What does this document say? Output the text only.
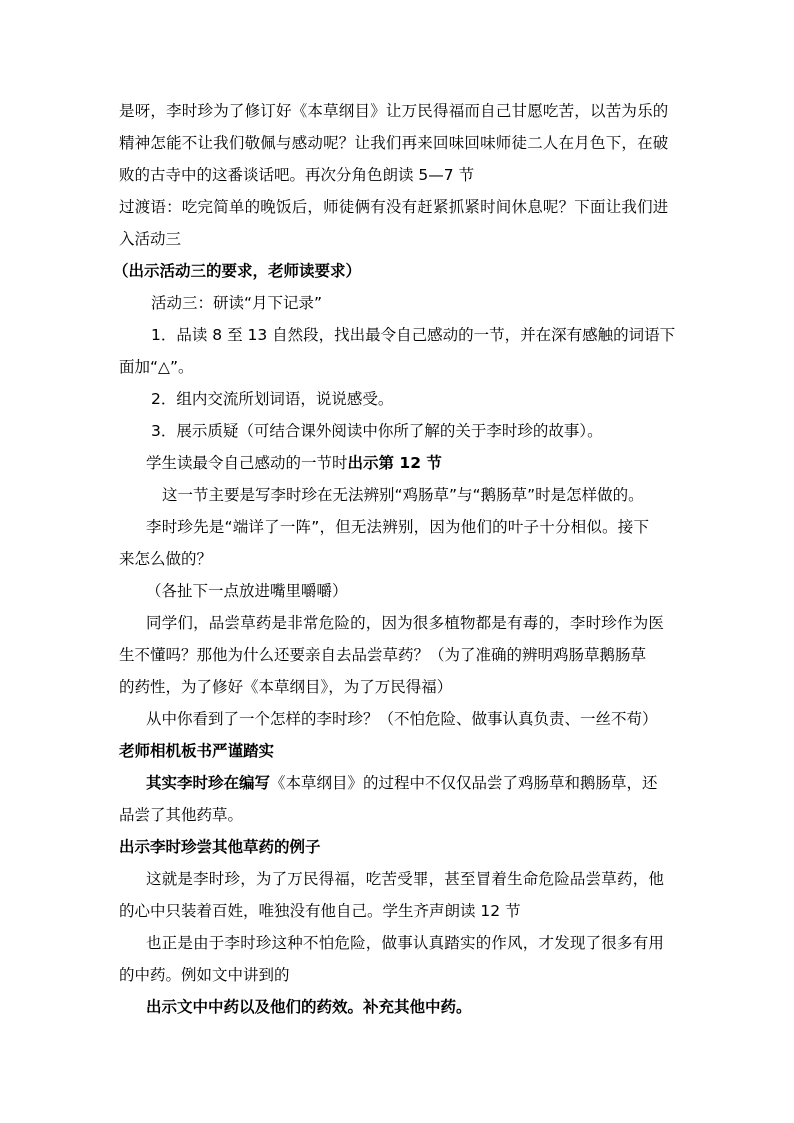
是呀，李时珍为了修订好《本草纲目》让万民得福而自己甘愿吃苦，以苦为乐的
精神怎能不让我们敬佩与感动呢？让我们再来回味回味师徒二人在月色下，在破
败的古寺中的这番谈话吧。再次分角色朗读 5—7 节
过渡语：吃完简单的晚饭后，师徒俩有没有赶紧抓紧时间休息呢？下面让我们进
入活动三
（出示活动三的要求，老师读要求）
活动三：研读“月下记录”
1．品读 8 至 13 自然段，找出最令自己感动的一节，并在深有感触的词语下
面加“△”。
2．组内交流所划词语，说说感受。
3．展示质疑（可结合课外阅读中你所了解的关于李时珍的故事）。
学生读最令自己感动的一节时出示第 12 节
这一节主要是写李时珍在无法辨别“鸡肠草”与“鹅肠草”时是怎样做的。
李时珍先是“端详了一阵”，但无法辨别，因为他们的叶子十分相似。接下
来怎么做的？
（各扯下一点放进嘴里嚼嚼）
同学们，品尝草药是非常危险的，因为很多植物都是有毒的，李时珍作为医
生不懂吗？那他为什么还要亲自去品尝草药？（为了准确的辨明鸡肠草鹅肠草
的药性，为了修好《本草纲目》，为了万民得福）
从中你看到了一个怎样的李时珍？（不怕危险、做事认真负责、一丝不苟）
老师相机板书严谨踏实
其实李时珍在编写《本草纲目》的过程中不仅仅品尝了鸡肠草和鹅肠草，还
品尝了其他药草。
出示李时珍尝其他草药的例子
这就是李时珍，为了万民得福，吃苦受罪，甚至冒着生命危险品尝草药，他
的心中只装着百姓，唯独没有他自己。学生齐声朗读 12 节
也正是由于李时珍这种不怕危险，做事认真踏实的作风，才发现了很多有用
的中药。例如文中讲到的
出示文中中药以及他们的药效。补充其他中药。
